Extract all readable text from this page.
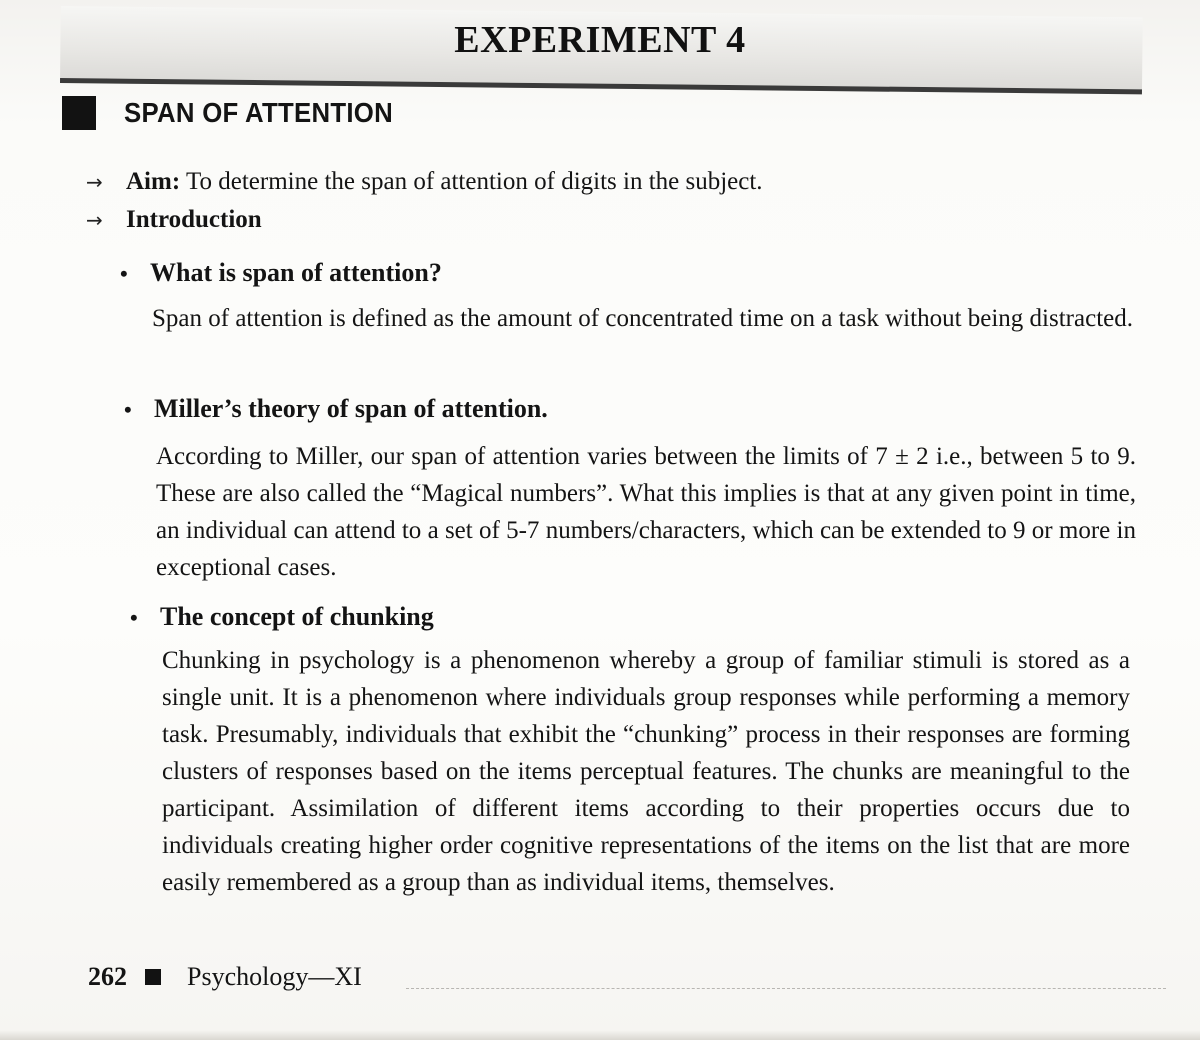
EXPERIMENT 4
SPAN OF ATTENTION
→ Aim: To determine the span of attention of digits in the subject.
→ Introduction
• What is span of attention?
Span of attention is defined as the amount of concentrated time on a task without being distracted.
• Miller’s theory of span of attention.
According to Miller, our span of attention varies between the limits of 7 ± 2 i.e., between 5 to 9. These are also called the “Magical numbers”. What this implies is that at any given point in time, an individual can attend to a set of 5-7 numbers/characters, which can be extended to 9 or more in exceptional cases.
• The concept of chunking
Chunking in psychology is a phenomenon whereby a group of familiar stimuli is stored as a single unit. It is a phenomenon where individuals group responses while performing a memory task. Presumably, individuals that exhibit the “chunking” process in their responses are forming clusters of responses based on the items perceptual features. The chunks are meaningful to the participant. Assimilation of different items according to their properties occurs due to individuals creating higher order cognitive representations of the items on the list that are more easily remembered as a group than as individual items, themselves.
262 Psychology—XI
